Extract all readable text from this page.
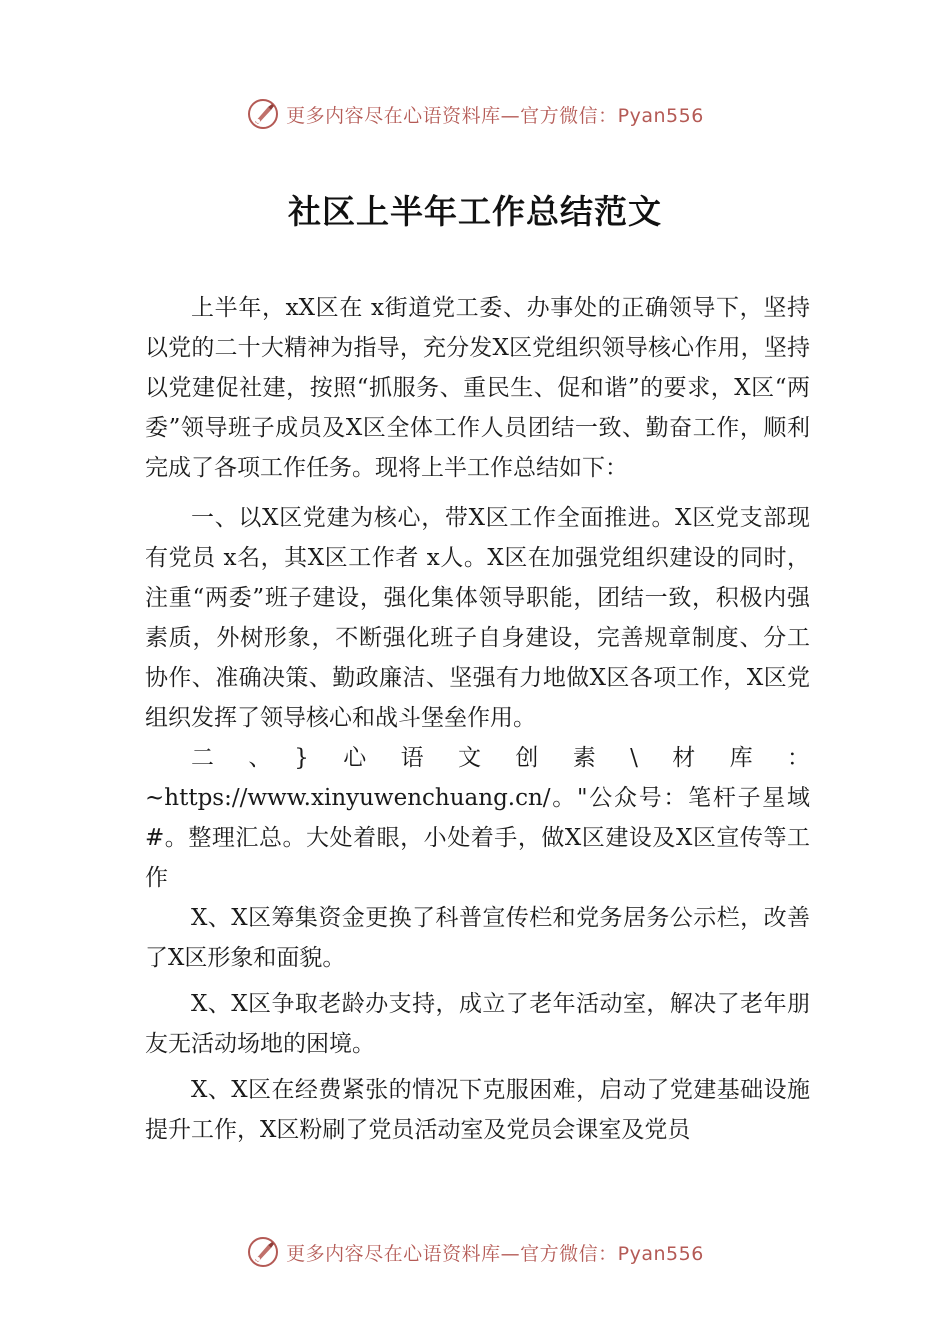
更多内容尽在心语资料库—官方微信：Pyan556
社区上半年工作总结范文

上半年，xX区在 x街道党工委、办事处的正确领导下，坚持以党的二十大精神为指导，充分发X区党组织领导核心作用，坚持以党建促社建，按照“抓服务、重民生、促和谐”的要求，X区“两委”领导班子成员及X区全体工作人员团结一致、勤奋工作，顺利完成了各项工作任务。现将上半工作总结如下：

一、以X区党建为核心，带X区工作全面推进。X区党支部现有党员 x名，其X区工作者 x人。X区在加强党组织建设的同时，注重“两委”班子建设，强化集体领导职能，团结一致，积极内强素质，外树形象，不断强化班子自身建设，完善规章制度、分工协作、准确决策、勤政廉洁、坚强有力地做X区各项工作，X区党组织发挥了领导核心和战斗堡垒作用。

二、}心语文创素\材库：~https://www.xinyuwenchuang.cn/。"公众号：笔杆子星域#。整理汇总。大处着眼，小处着手，做X区建设及X区宣传等工作

X、X区筹集资金更换了科普宣传栏和党务居务公示栏，改善了X区形象和面貌。

X、X区争取老龄办支持，成立了老年活动室，解决了老年朋友无活动场地的困境。

X、X区在经费紧张的情况下克服困难，启动了党建基础设施提升工作，X区粉刷了党员活动室及党员会课室及党员

更多内容尽在心语资料库—官方微信：Pyan556
